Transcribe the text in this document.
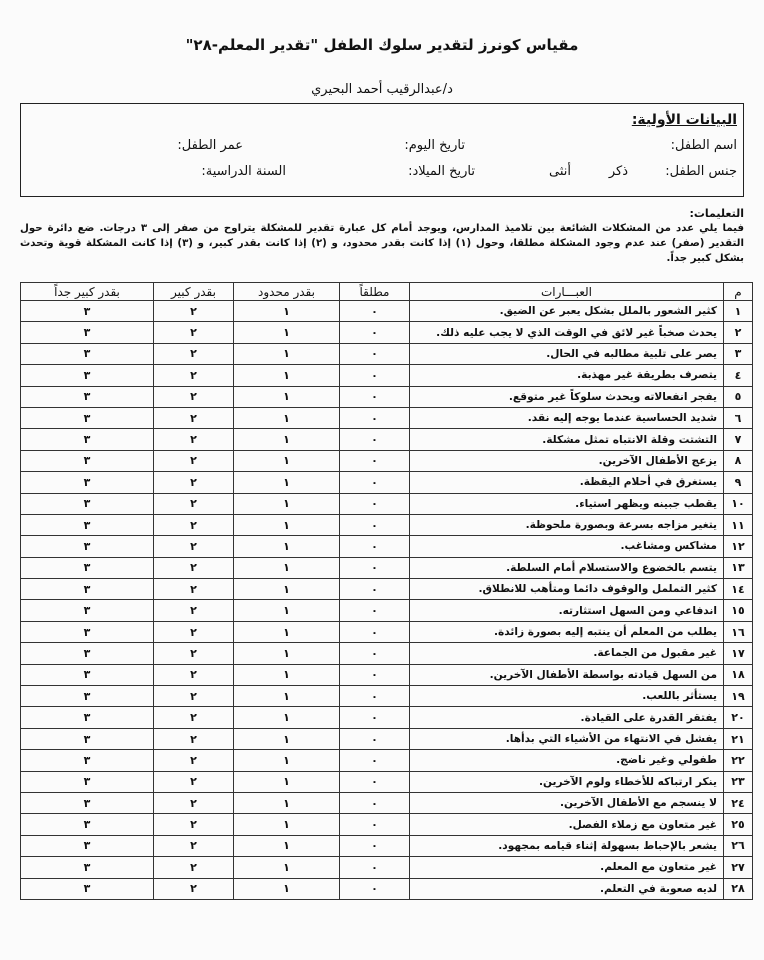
مقياس كونرز لتقدير سلوك الطفل "تقدير المعلم-٢٨"
د/عبدالرقيب أحمد البحيري
البيانات الأولية:
اسم الطفل:
تاريخ اليوم:
عمر الطفل:
جنس الطفل:
ذكر
أنثى
تاريخ الميلاد:
السنة الدراسية:
التعليمات:
فيما يلي عدد من المشكلات الشائعة بين تلاميذ المدارس، ويوجد أمام كل عبارة تقدير للمشكلة يتراوح من صفر إلى ٣ درجات. ضع دائرة حول التقدير (صفر) عند عدم وجود المشكلة مطلقا، وحول (١) إذا كانت بقدر محدود، و (٢) إذا كانت بقدر كبير، و (٣) إذا كانت المشكلة قوية وتحدث بشكل كبير جداً.
م	العبـــارات	مطلقاً	بقدر محدود	بقدر كبير	بقدر كبير جداً
١	كثير الشعور بالملل بشكل يعبر عن الضيق.	٠	١	٢	٣
٢	يحدث صخباً غير لائق في الوقت الذي لا يجب عليه ذلك.	٠	١	٢	٣
٣	يصر على تلبية مطالبه في الحال.	٠	١	٢	٣
٤	يتصرف بطريقة غير مهذبة.	٠	١	٢	٣
٥	يفجر انفعالاته ويحدث سلوكاً غير متوقع.	٠	١	٢	٣
٦	شديد الحساسية عندما يوجه إليه نقد.	٠	١	٢	٣
٧	التشتت وقلة الانتباه تمثل مشكلة.	٠	١	٢	٣
٨	يزعج الأطفال الآخرين.	٠	١	٢	٣
٩	يستغرق في أحلام اليقظة.	٠	١	٢	٣
١٠	يقطب جبينه ويظهر استياء.	٠	١	٢	٣
١١	يتغير مزاجه بسرعة وبصورة ملحوظة.	٠	١	٢	٣
١٢	مشاكس ومشاغب.	٠	١	٢	٣
١٣	يتسم بالخضوع والاستسلام أمام السلطة.	٠	١	٢	٣
١٤	كثير التململ والوقوف دائما ومتأهب للانطلاق.	٠	١	٢	٣
١٥	اندفاعي ومن السهل استثارته.	٠	١	٢	٣
١٦	يطلب من المعلم أن ينتبه إليه بصورة زائدة.	٠	١	٢	٣
١٧	غير مقبول من الجماعة.	٠	١	٢	٣
١٨	من السهل قيادته بواسطة الأطفال الآخرين.	٠	١	٢	٣
١٩	يستأثر باللعب.	٠	١	٢	٣
٢٠	يفتقر القدرة على القيادة.	٠	١	٢	٣
٢١	يفشل في الانتهاء من الأشياء التي بدأها.	٠	١	٢	٣
٢٢	طفولي وغير ناضج.	٠	١	٢	٣
٢٣	ينكر ارتباكه للأخطاء ولوم الآخرين.	٠	١	٢	٣
٢٤	لا ينسجم مع الأطفال الآخرين.	٠	١	٢	٣
٢٥	غير متعاون مع زملاء الفصل.	٠	١	٢	٣
٢٦	يشعر بالإحباط بسهولة إثناء قيامه بمجهود.	٠	١	٢	٣
٢٧	غير متعاون مع المعلم.	٠	١	٢	٣
٢٨	لديه صعوبة في التعلم.	٠	١	٢	٣
